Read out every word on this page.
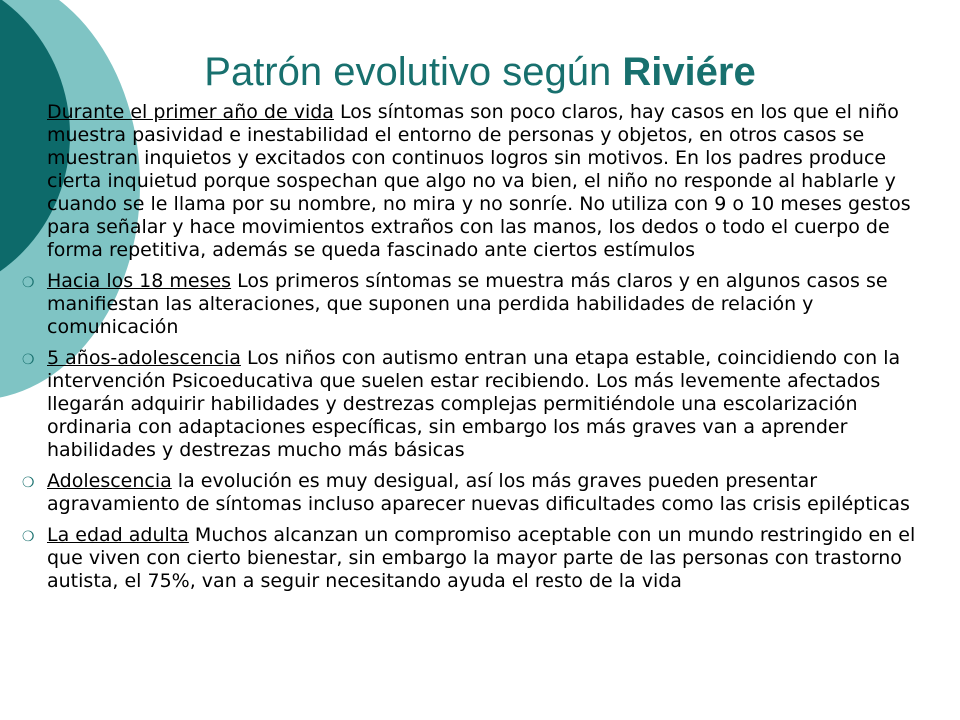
Patrón evolutivo según Riviére
Durante el primer año de vida Los síntomas son poco claros, hay casos en los que el niño muestra pasividad e inestabilidad el entorno de personas y objetos, en otros casos se muestran inquietos y excitados con continuos logros sin motivos. En los padres produce cierta inquietud porque sospechan que algo no va bien, el niño no responde al hablarle y cuando se le llama por su nombre, no mira y no sonríe. No utiliza con 9 o 10 meses gestos para señalar y hace movimientos extraños con las manos, los dedos o todo el cuerpo de forma repetitiva, además se queda fascinado ante ciertos estímulos
❍ Hacia los 18 meses Los primeros síntomas se muestra más claros y en algunos casos se manifiestan las alteraciones, que suponen una perdida habilidades de relación y comunicación
❍ 5 años-adolescencia Los niños con autismo entran una etapa estable, coincidiendo con la intervención Psicoeducativa que suelen estar recibiendo. Los más levemente afectados llegarán adquirir habilidades y destrezas complejas permitiéndole una escolarización ordinaria con adaptaciones específicas, sin embargo los más graves van a aprender habilidades y destrezas mucho más básicas
❍ Adolescencia la evolución es muy desigual, así los más graves pueden presentar agravamiento de síntomas incluso aparecer nuevas dificultades como las crisis epilépticas
❍ La edad adulta Muchos alcanzan un compromiso aceptable con un mundo restringido en el que viven con cierto bienestar, sin embargo la mayor parte de las personas con trastorno autista, el 75%, van a seguir necesitando ayuda el resto de la vida
